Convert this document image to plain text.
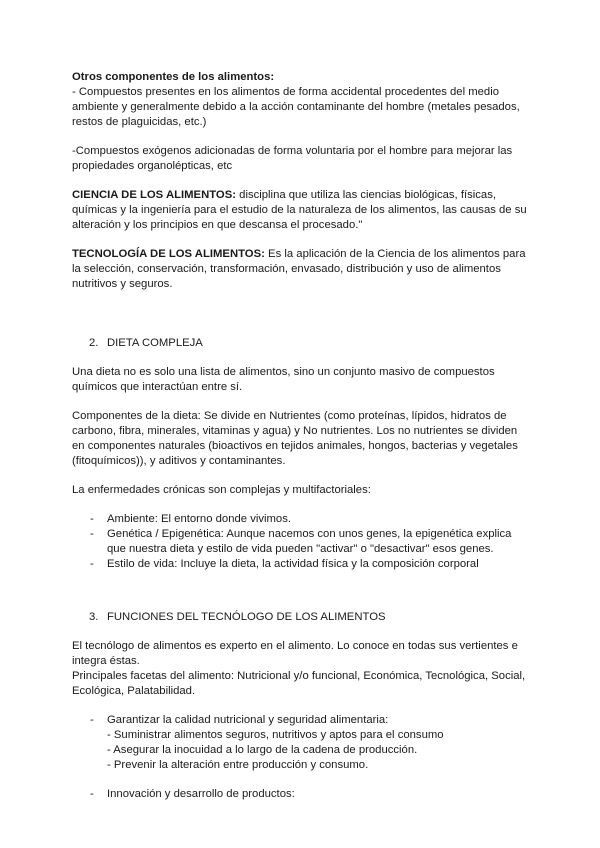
Otros componentes de los alimentos:

- Compuestos presentes en los alimentos de forma accidental procedentes del medio ambiente y generalmente debido a la acción contaminante del hombre (metales pesados, restos de plaguicidas, etc.)

-Compuestos exógenos adicionadas de forma voluntaria por el hombre para mejorar las propiedades organolépticas, etc

CIENCIA DE LOS ALIMENTOS: disciplina que utiliza las ciencias biológicas, físicas, químicas y la ingeniería para el estudio de la naturaleza de los alimentos, las causas de su alteración y los principios en que descansa el procesado."

TECNOLOGÍA DE LOS ALIMENTOS: Es la aplicación de la Ciencia de los alimentos para la selección, conservación, transformación, envasado, distribución y uso de alimentos nutritivos y seguros.

2. DIETA COMPLEJA

Una dieta no es solo una lista de alimentos, sino un conjunto masivo de compuestos químicos que interactúan entre sí.

Componentes de la dieta: Se divide en Nutrientes (como proteínas, lípidos, hidratos de carbono, fibra, minerales, vitaminas y agua) y No nutrientes. Los no nutrientes se dividen en componentes naturales (bioactivos en tejidos animales, hongos, bacterias y vegetales (fitoquímicos)), y aditivos y contaminantes.

La enfermedades crónicas son complejas y multifactoriales:

- Ambiente: El entorno donde vivimos.
- Genética / Epigenética: Aunque nacemos con unos genes, la epigenética explica que nuestra dieta y estilo de vida pueden "activar" o "desactivar" esos genes.
- Estilo de vida: Incluye la dieta, la actividad física y la composición corporal

3. FUNCIONES DEL TECNÓLOGO DE LOS ALIMENTOS

El tecnólogo de alimentos es experto en el alimento. Lo conoce en todas sus vertientes e integra éstas.

Principales facetas del alimento: Nutricional y/o funcional, Económica, Tecnológica, Social, Ecológica, Palatabilidad.

- Garantizar la calidad nutricional y seguridad alimentaria:

- Suministrar alimentos seguros, nutritivos y aptos para el consumo

- Asegurar la inocuidad a lo largo de la cadena de producción.

- Prevenir la alteración entre producción y consumo.

- Innovación y desarrollo de productos:
